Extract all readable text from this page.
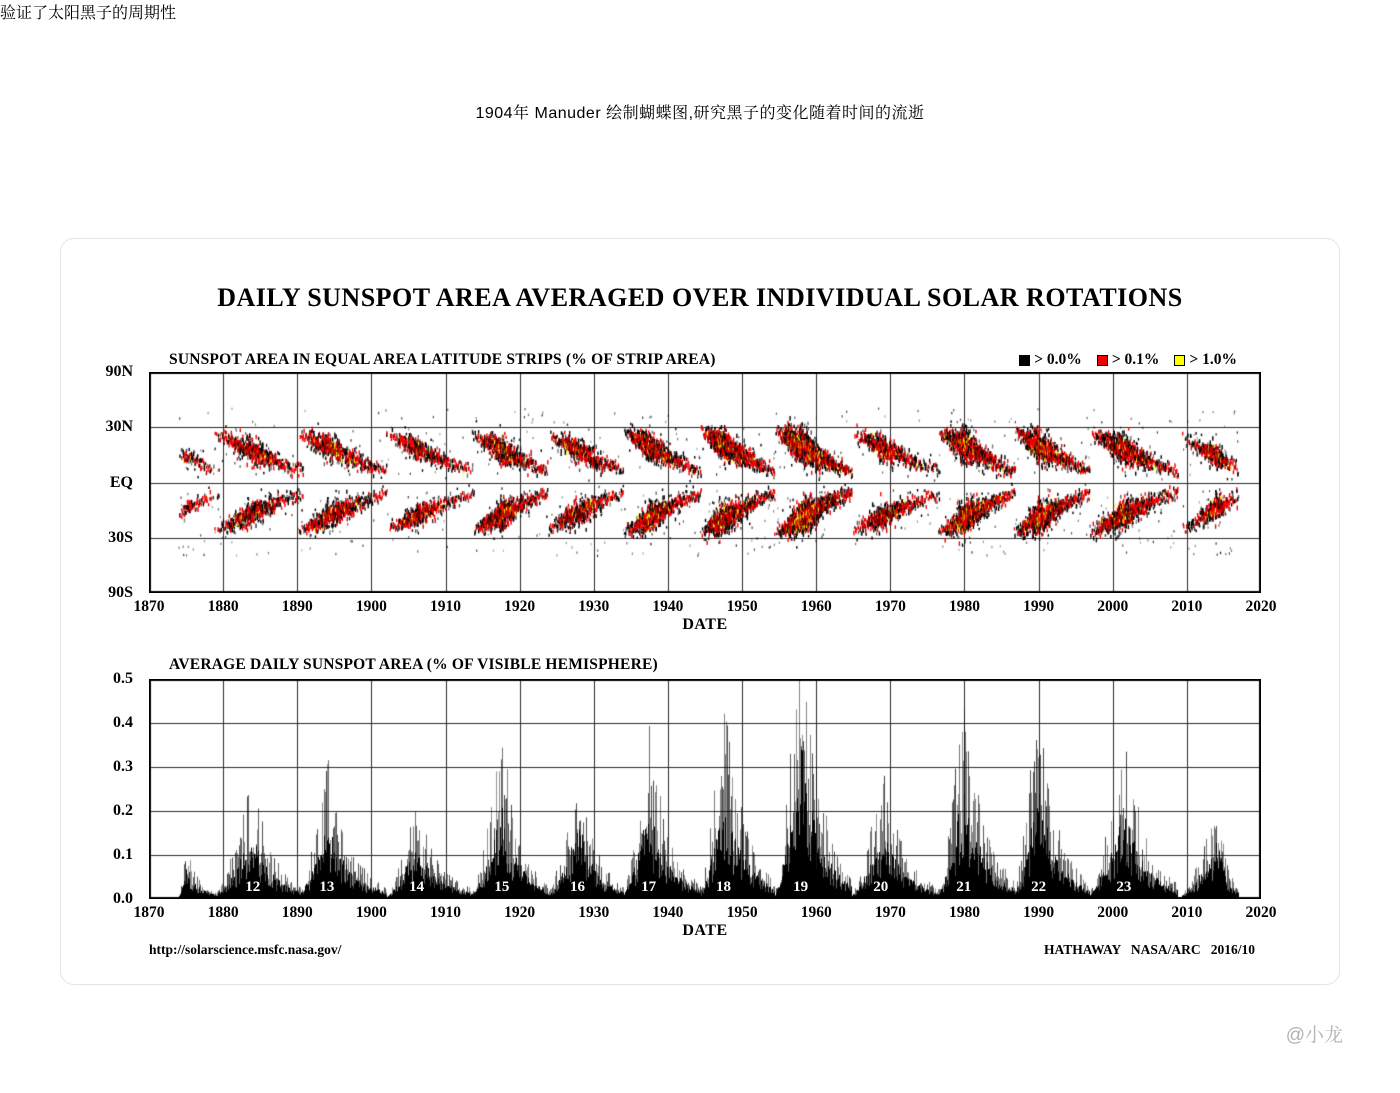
1904年 Manuder 绘制蝴蝶图,研究黑子的变化随着时间的流逝
验证了太阳黑子的周期性
DAILY SUNSPOT AREA AVERAGED OVER INDIVIDUAL SOLAR ROTATIONS
SUNSPOT AREA IN EQUAL AREA LATITUDE STRIPS (% OF STRIP AREA)	> 0.0% > 0.1% > 1.0%
90N
30N
EQ
30S
90S
1870	1880	1890	1900	1910	1920	1930	1940	1950	1960	1970	1980	1990	2000	2010	2020
DATE
AVERAGE DAILY SUNSPOT AREA (% OF VISIBLE HEMISPHERE)
0.5
0.4
0.3
0.2
0.1
0.0
12	13	14	15	16	17	18	19	20	21	22	23
1870	1880	1890	1900	1910	1920	1930	1940	1950	1960	1970	1980	1990	2000	2010	2020
DATE
http://solarscience.msfc.nasa.gov/	HATHAWAY   NASA/ARC   2016/10
@小龙
